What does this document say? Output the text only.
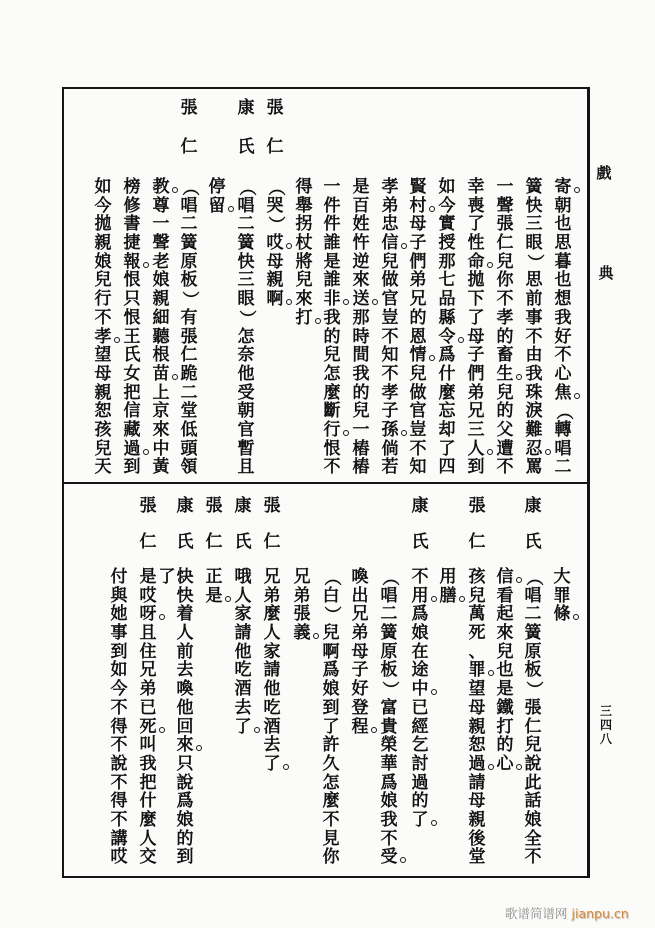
戲
典
三四八
寄
朝
也
思
暮
也
想
我
好
不
心
焦
（
轉
唱
二
簧
快
三
眼
）
思
前
事
不
由
我
珠
淚
難
忍
罵
一
聲
張
仁
兒
你
不
孝
的
畜
生
兒
的
父
遭
不
幸
喪
了
性
命
拋
下
了
母
子
們
弟
兄
三
人
到
如
今
實
授
那
七
品
縣
令
爲
什
麼
忘
却
了
四
賢
村
母
子
們
弟
兄
的
恩
情
兒
做
官
豈
不
知
孝
弟
忠
信
兒
做
官
豈
不
知
不
孝
子
孫
倘
若
是
百
姓
忤
逆
來
送
那
時
間
我
的
兒
一
樁
樁
一
件
件
誰
是
誰
非
我
的
兒
怎
麼
斷
行
恨
不
得
舉
拐
杖
將
兒
來
打
張
仁
（
哭
）
哎
母
親
啊
康
氏
（
唱
二
簧
快
三
眼
）
怎
奈
他
受
朝
官
暫
且
停
留
張
仁
（
唱
二
簧
原
板
）
有
張
仁
跪
二
堂
低
頭
領
教
尊
一
聲
老
娘
親
細
聽
根
苗
上
京
來
中
黃
榜
修
書
捷
報
恨
只
恨
王
氏
女
把
信
藏
過
到
如
今
拋
親
娘
兒
行
不
孝
望
母
親
恕
孩
兒
天
大
罪
條
康
氏
（
唱
二
簧
原
板
）
張
仁
兒
說
此
話
娘
全
不
信
看
起
來
兒
也
是
鐵
打
的
心
張
仁
孩
兒
萬
死
、
罪
望
母
親
恕
過
請
母
親
後
堂
用
膳
康
氏
不
用
爲
娘
在
途
中
已
經
乞
討
過
的
了
（
唱
二
簧
原
板
）
富
貴
榮
華
爲
娘
我
不
受
喚
出
兄
弟
母
子
好
登
程
（
白
）
兒
啊
爲
娘
到
了
許
久
怎
麼
不
見
你
兄
弟
張
義
張
仁
兄
弟
麼
人
家
請
他
吃
酒
去
了
康
氏
哦
人
家
請
他
吃
酒
去
了
張
仁
正
是
康
氏
快
快
着
人
前
去
喚
他
回
來
只
說
爲
娘
的
到
了
張
仁
是
哎
呀
且
住
兄
弟
已
死
叫
我
把
什
麼
人
交
付
與
她
事
到
如
今
不
得
不
說
不
得
不
講
哎
歌谱简谱网 jianpu.cn
